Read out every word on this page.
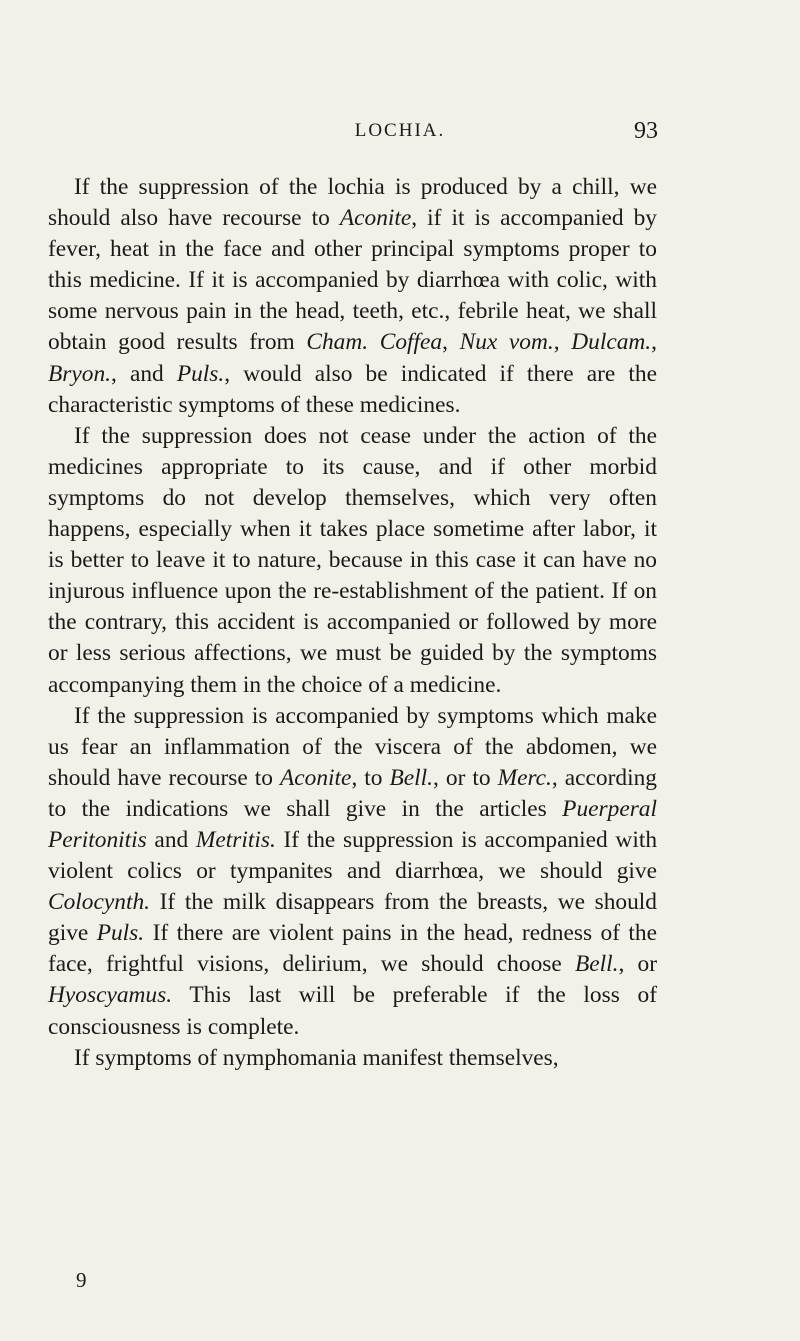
LOCHIA.	93

If the suppression of the lochia is produced by a chill, we should also have recourse to Aconite, if it is accompanied by fever, heat in the face and other principal symptoms proper to this medicine. If it is accompanied by diarrhœa with colic, with some nervous pain in the head, teeth, etc., febrile heat, we shall obtain good results from Cham. Coffea, Nux vom., Dulcam., Bryon., and Puls., would also be indicated if there are the characteristic symptoms of these medicines.

If the suppression does not cease under the action of the medicines appropriate to its cause, and if other morbid symptoms do not develop themselves, which very often happens, especially when it takes place sometime after labor, it is better to leave it to nature, because in this case it can have no injurous influence upon the re-establishment of the patient. If on the contrary, this accident is accompanied or followed by more or less serious affections, we must be guided by the symptoms accompanying them in the choice of a medicine.

If the suppression is accompanied by symptoms which make us fear an inflammation of the viscera of the abdomen, we should have recourse to Aconite, to Bell., or to Merc., according to the indications we shall give in the articles Puerperal Peritonitis and Metritis. If the suppression is accompanied with violent colics or tympanites and diarrhœa, we should give Colocynth. If the milk disappears from the breasts, we should give Puls. If there are violent pains in the head, redness of the face, frightful visions, delirium, we should choose Bell., or Hyoscyamus. This last will be preferable if the loss of consciousness is complete.

If symptoms of nymphomania manifest themselves,

9
